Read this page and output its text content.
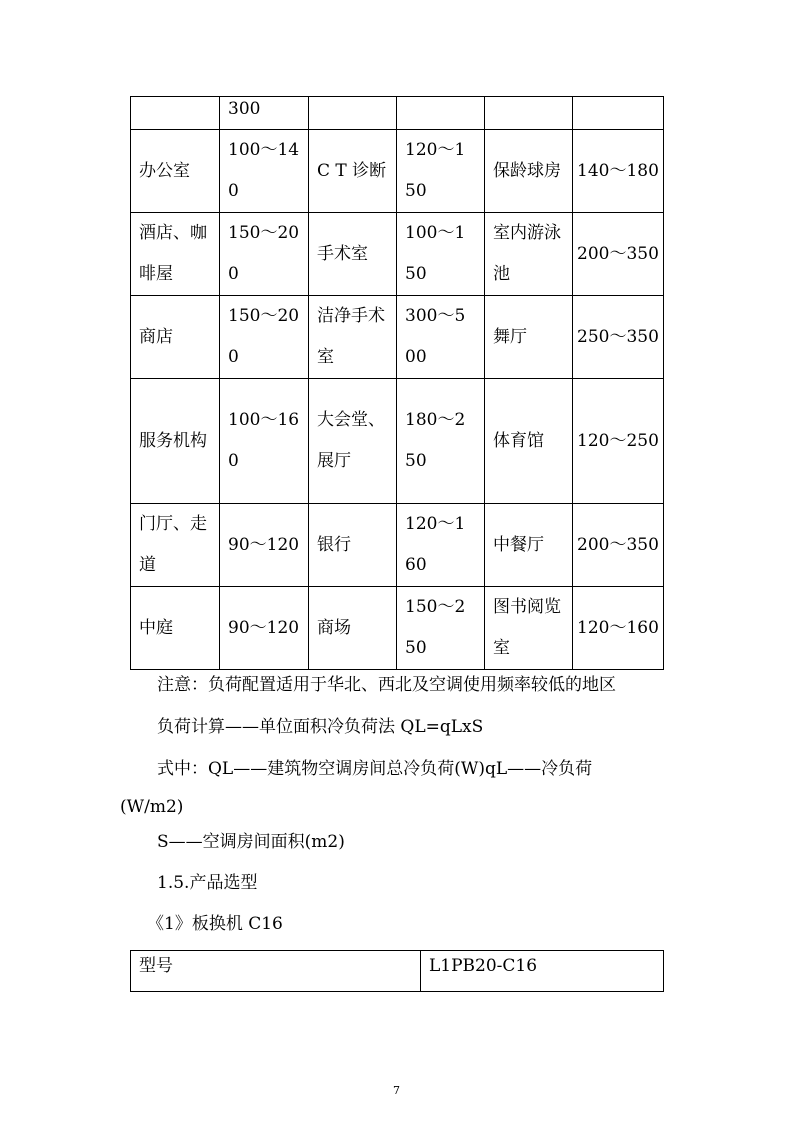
	300				
办公室	100～140	C T 诊断	120～150	保龄球房	140～180
酒店、咖啡屋	150～200	手术室	100～150	室内游泳池	200～350
商店	150～200	洁净手术室	300～500	舞厅	250～350
服务机构	100～160	大会堂、 展厅	180～250	体育馆	120～250
门厅、走道	90～120	银行	120～160	中餐厅	200～350
中庭	90～120	商场	150～250	图书阅览室	120～160
注意：负荷配置适用于华北、西北及空调使用频率较低的地区
负荷计算——单位面积冷负荷法 QL=qLxS
式中：QL——建筑物空调房间总冷负荷(W)qL——冷负荷
(W/m2)
S——空调房间面积(m2)
1.5.产品选型
《1》板换机 C16
型号	L1PB20-C16
7
